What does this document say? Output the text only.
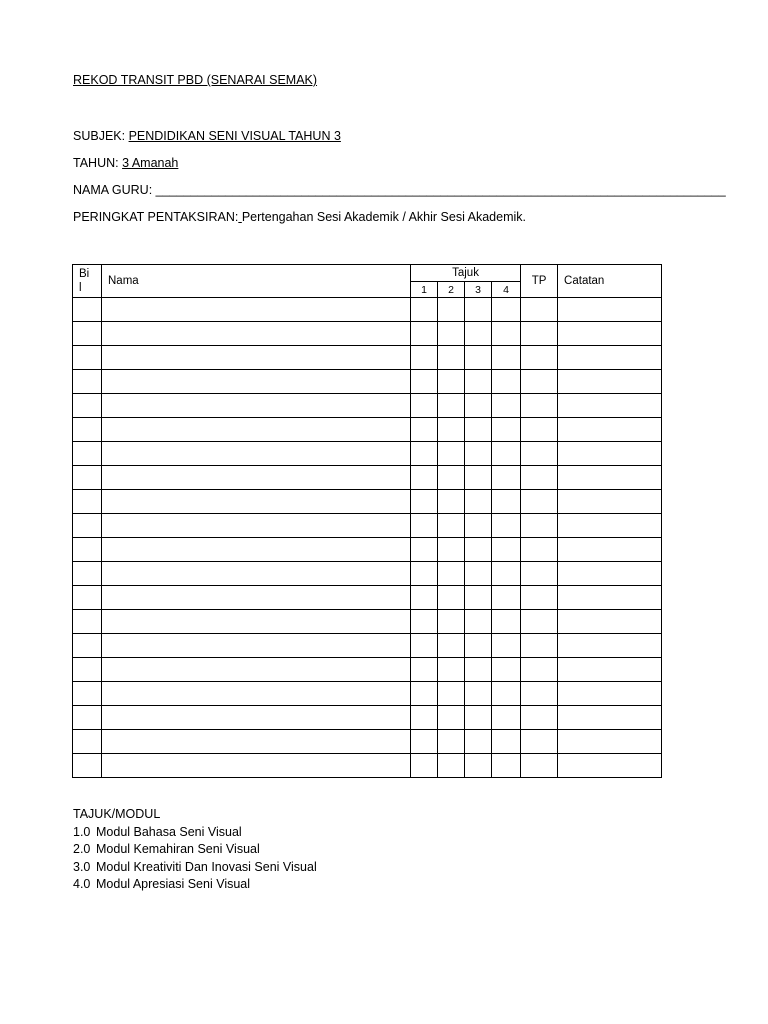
REKOD TRANSIT PBD (SENARAI SEMAK)
SUBJEK: PENDIDIKAN SENI VISUAL TAHUN 3
TAHUN: 3 Amanah
NAMA GURU: __________________________________________________________________________________
PERINGKAT PENTAKSIRAN: Pertengahan Sesi Akademik / Akhir Sesi Akademik.
Bi
l	Nama	Tajuk				TP	Catatan
		1	2	3	4		

TAJUK/MODUL
1.0 Modul Bahasa Seni Visual
2.0 Modul Kemahiran Seni Visual
3.0 Modul Kreativiti Dan Inovasi Seni Visual
4.0 Modul Apresiasi Seni Visual
